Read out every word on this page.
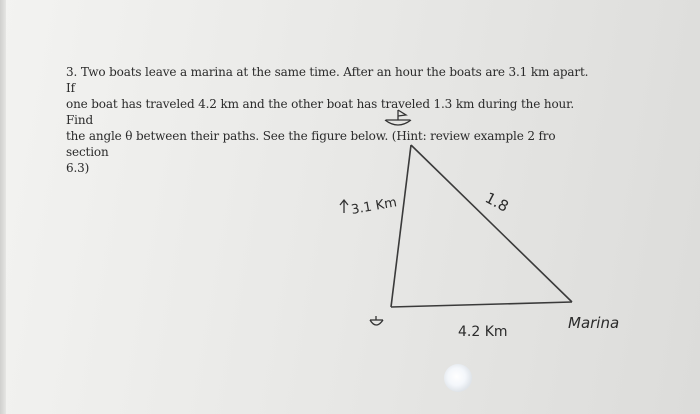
3. Two boats leave a marina at the same time. After an hour the boats are 3.1 km apart. If
one boat has traveled 4.2 km and the other boat has traveled 1.3 km during the hour. Find
the angle θ between their paths. See the figure below. (Hint: review example 2 fro section
6.3)

3.1 Km	1.8
4.2 Km	Marina
